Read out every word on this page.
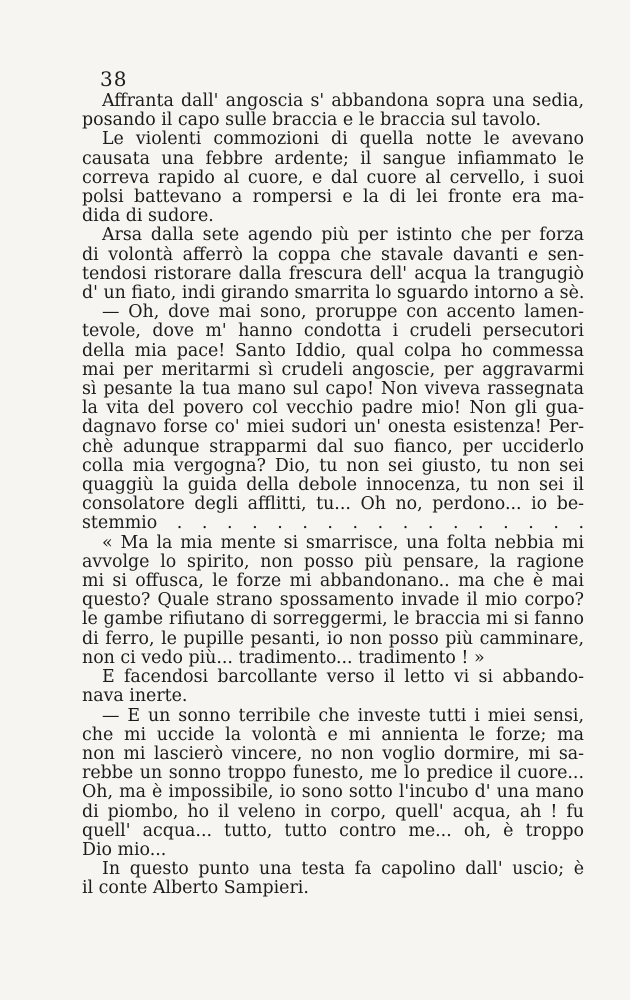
38
Affranta dall' angoscia s' abbandona sopra una sedia,
posando il capo sulle braccia e le braccia sul tavolo.
Le violenti commozioni di quella notte le avevano
causata una febbre ardente; il sangue infiammato le
correva rapido al cuore, e dal cuore al cervello, i suoi
polsi battevano a rompersi e la di lei fronte era ma-
dida di sudore.
Arsa dalla sete agendo più per istinto che per forza
di volontà afferrò la coppa che stavale davanti e sen-
tendosi ristorare dalla frescura dell' acqua la trangugiò
d' un fiato, indi girando smarrita lo sguardo intorno a sè.
— Oh, dove mai sono, proruppe con accento lamen-
tevole, dove m' hanno condotta i crudeli persecutori
della mia pace! Santo Iddio, qual colpa ho commessa
mai per meritarmi sì crudeli angoscie, per aggravarmi
sì pesante la tua mano sul capo! Non viveva rassegnata
la vita del povero col vecchio padre mio! Non gli gua-
dagnavo forse co' miei sudori un' onesta esistenza! Per-
chè adunque strapparmi dal suo fianco, per ucciderlo
colla mia vergogna? Dio, tu non sei giusto, tu non sei
quaggiù la guida della debole innocenza, tu non sei il
consolatore degli afflitti, tu... Oh no, perdono... io be-
stemmio . . . . . . . . . . . . . . . . .
« Ma la mia mente si smarrisce, una folta nebbia mi
avvolge lo spirito, non posso più pensare, la ragione
mi si offusca, le forze mi abbandonano.. ma che è mai
questo? Quale strano spossamento invade il mio corpo?
le gambe rifiutano di sorreggermi, le braccia mi si fanno
di ferro, le pupille pesanti, io non posso più camminare,
non ci vedo più... tradimento... tradimento ! »
E facendosi barcollante verso il letto vi si abbando-
nava inerte.
— È un sonno terribile che investe tutti i miei sensi,
che mi uccide la volontà e mi annienta le forze; ma
non mi lascierò vincere, no non voglio dormire, mi sa-
rebbe un sonno troppo funesto, me lo predice il cuore...
Oh, ma è impossibile, io sono sotto l'incubo d' una mano
di piombo, ho il veleno in corpo, quell' acqua, ah ! fu
quell' acqua... tutto, tutto contro me... oh, è troppo
Dio mio...
In questo punto una testa fa capolino dall' uscio; è
il conte Alberto Sampieri.
